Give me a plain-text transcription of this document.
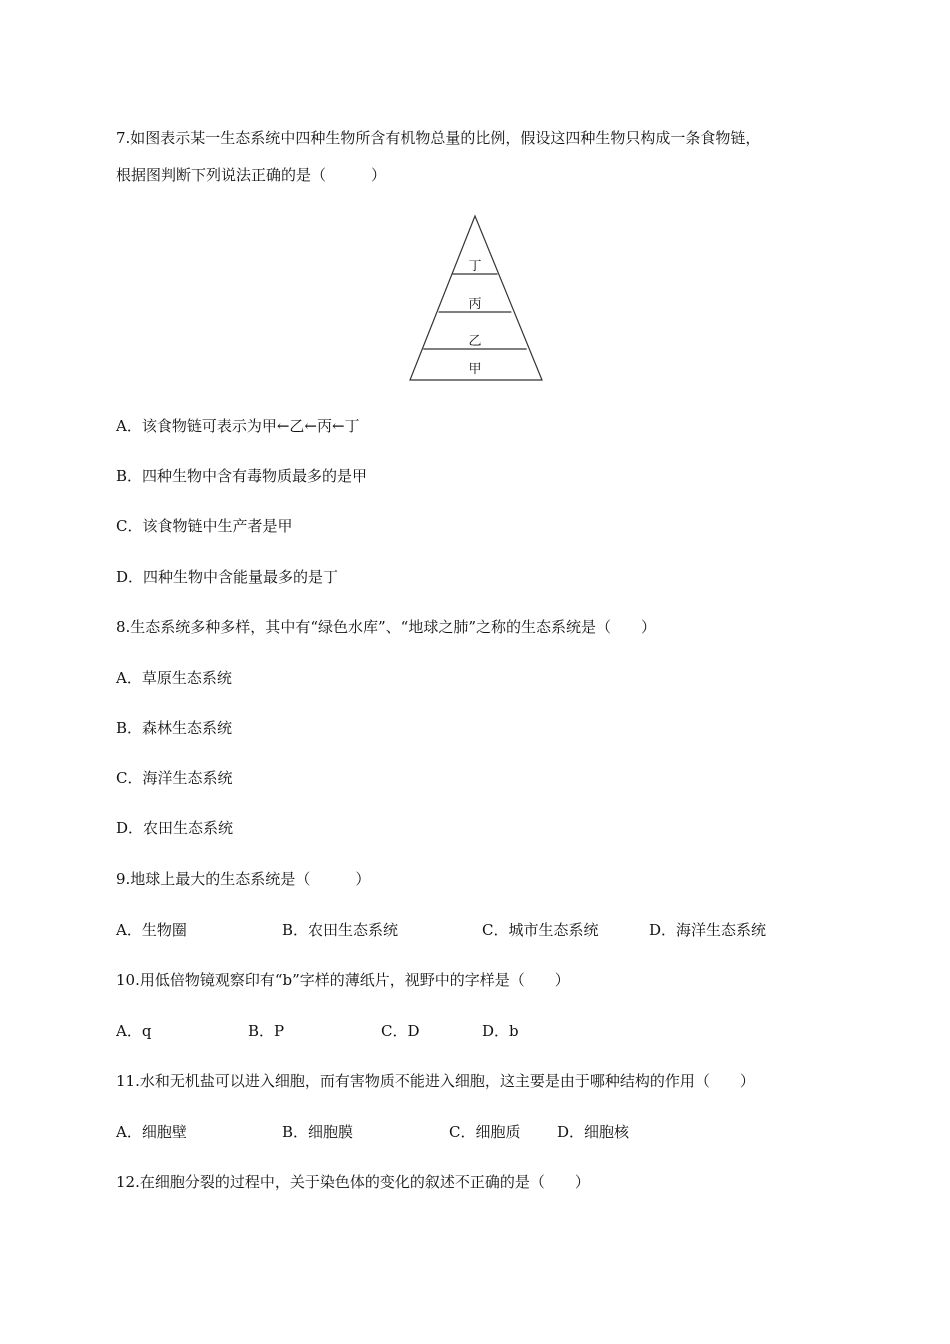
7.如图表示某一生态系统中四种生物所含有机物总量的比例，假设这四种生物只构成一条食物链，
根据图判断下列说法正确的是（　　　）
丁
丙
乙
甲
A．该食物链可表示为甲←乙←丙←丁
B．四种生物中含有毒物质最多的是甲
C．该食物链中生产者是甲
D．四种生物中含能量最多的是丁
8.生态系统多种多样，其中有“绿色水库”、“地球之肺”之称的生态系统是（　　）
A．草原生态系统
B．森林生态系统
C．海洋生态系统
D．农田生态系统
9.地球上最大的生态系统是（　　　）
A．生物圈	B．农田生态系统	C．城市生态系统	D．海洋生态系统
10.用低倍物镜观察印有“b”字样的薄纸片，视野中的字样是（　　）
A．q	B．P	C．D	D．b
11.水和无机盐可以进入细胞，而有害物质不能进入细胞，这主要是由于哪种结构的作用（　　）
A．细胞壁	B．细胞膜	C．细胞质 D．细胞核
12.在细胞分裂的过程中，关于染色体的变化的叙述不正确的是（　　）
